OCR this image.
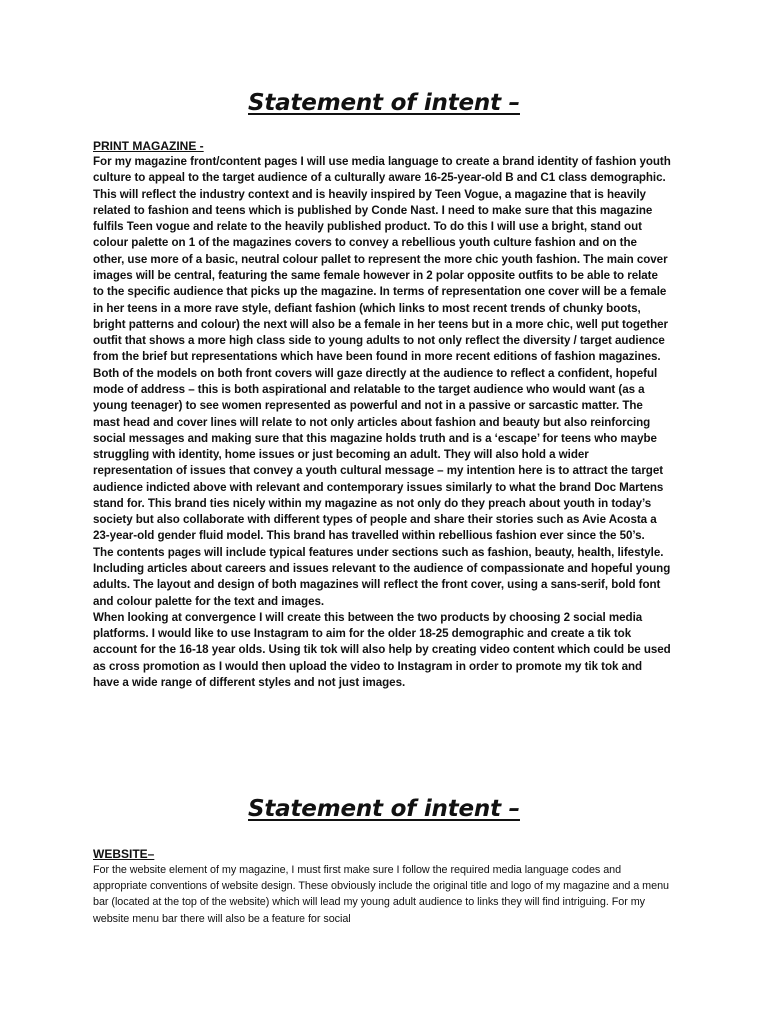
Statement of intent –
PRINT MAGAZINE -

For my magazine front/content pages I will use media language to create a brand identity of fashion youth culture to appeal to the target audience of a culturally aware 16-25-year-old B and C1 class demographic. This will reflect the industry context and is heavily inspired by Teen Vogue, a magazine that is heavily related to fashion and teens which is published by Conde Nast. I need to make sure that this magazine fulfils Teen vogue and relate to the heavily published product. To do this I will use a bright, stand out colour palette on 1 of the magazines covers to convey a rebellious youth culture fashion and on the other, use more of a basic, neutral colour pallet to represent the more chic youth fashion. The main cover images will be central, featuring the same female however in 2 polar opposite outfits to be able to relate to the specific audience that picks up the magazine. In terms of representation one cover will be a female in her teens in a more rave style, defiant fashion (which links to most recent trends of chunky boots, bright patterns and colour) the next will also be a female in her teens but in a more chic, well put together outfit that shows a more high class side to young adults to not only reflect the diversity / target audience from the brief but representations which have been found in more recent editions of fashion magazines. Both of the models on both front covers will gaze directly at the audience to reflect a confident, hopeful mode of address – this is both aspirational and relatable to the target audience who would want (as a young teenager) to see women represented as powerful and not in a passive or sarcastic matter. The mast head and cover lines will relate to not only articles about fashion and beauty but also reinforcing social messages and making sure that this magazine holds truth and is a ‘escape’ for teens who maybe struggling with identity, home issues or just becoming an adult. They will also hold a wider representation of issues that convey a youth cultural message – my intention here is to attract the target audience indicted above with relevant and contemporary issues similarly to what the brand Doc Martens stand for. This brand ties nicely within my magazine as not only do they preach about youth in today’s society but also collaborate with different types of people and share their stories such as Avie Acosta a 23-year-old gender fluid model. This brand has travelled within rebellious fashion ever since the 50’s.

The contents pages will include typical features under sections such as fashion, beauty, health, lifestyle. Including articles about careers and issues relevant to the audience of compassionate and hopeful young adults. The layout and design of both magazines will reflect the front cover, using a sans-serif, bold font and colour palette for the text and images.

When looking at convergence I will create this between the two products by choosing 2 social media platforms. I would like to use Instagram to aim for the older 18-25 demographic and create a tik tok account for the 16-18 year olds. Using tik tok will also help by creating video content which could be used as cross promotion as I would then upload the video to Instagram in order to promote my tik tok and have a wide range of different styles and not just images.

Statement of intent –
WEBSITE–

For the website element of my magazine, I must first make sure I follow the required media language codes and appropriate conventions of website design. These obviously include the original title and logo of my magazine and a menu bar (located at the top of the website) which will lead my young adult audience to links they will find intriguing. For my website menu bar there will also be a feature for social
